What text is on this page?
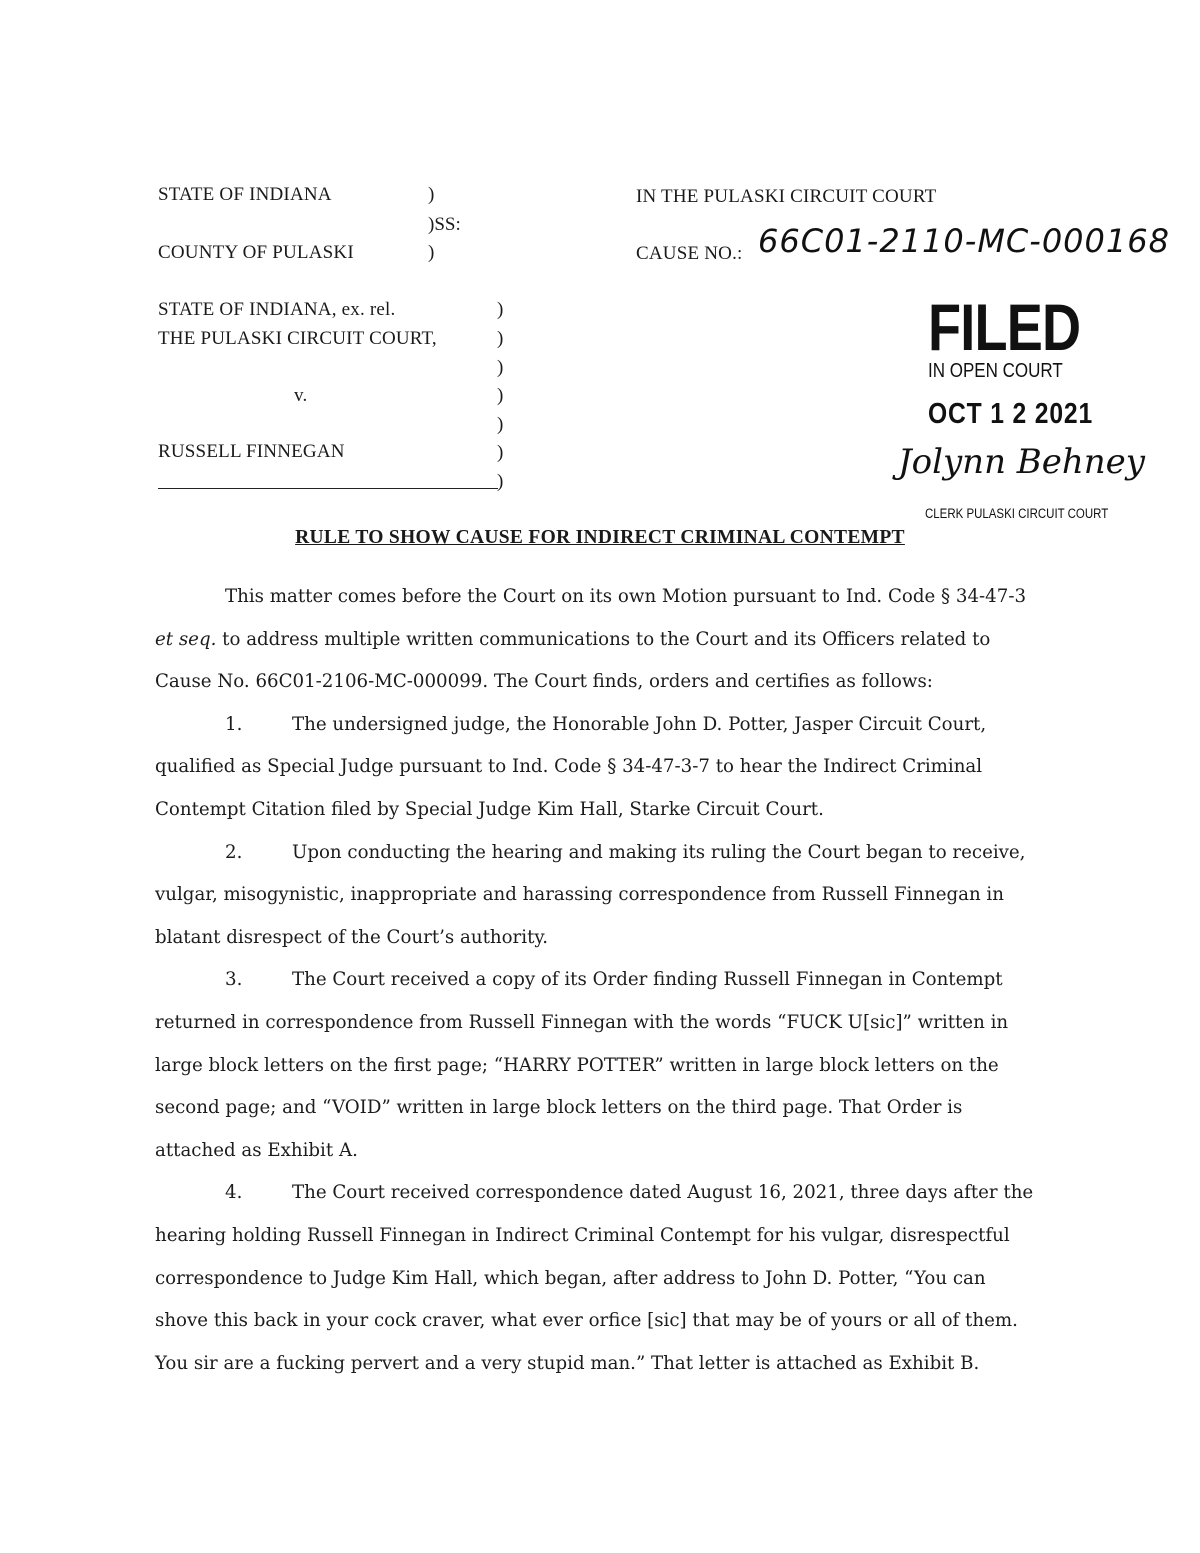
STATE OF INDIANA	)
)SS:
COUNTY OF PULASKI	)
IN THE PULASKI CIRCUIT COURT
CAUSE NO.: 66C01-2110-MC-000168
STATE OF INDIANA, ex. rel.
THE PULASKI CIRCUIT COURT,
v.
RUSSELL FINNEGAN
)
)
)
)
)
)
)
FILED
IN OPEN COURT
OCT 1 2 2021
Jolynn Behney
CLERK PULASKI CIRCUIT COURT
RULE TO SHOW CAUSE FOR INDIRECT CRIMINAL CONTEMPT

This matter comes before the Court on its own Motion pursuant to Ind. Code § 34-47-3 et seq. to address multiple written communications to the Court and its Officers related to Cause No. 66C01-2106-MC-000099. The Court finds, orders and certifies as follows:

1.	The undersigned judge, the Honorable John D. Potter, Jasper Circuit Court, qualified as Special Judge pursuant to Ind. Code § 34-47-3-7 to hear the Indirect Criminal Contempt Citation filed by Special Judge Kim Hall, Starke Circuit Court.

2.	Upon conducting the hearing and making its ruling the Court began to receive, vulgar, misogynistic, inappropriate and harassing correspondence from Russell Finnegan in blatant disrespect of the Court’s authority.

3.	The Court received a copy of its Order finding Russell Finnegan in Contempt returned in correspondence from Russell Finnegan with the words “FUCK U[sic]” written in large block letters on the first page; “HARRY POTTER” written in large block letters on the second page; and “VOID” written in large block letters on the third page. That Order is attached as Exhibit A.

4.	The Court received correspondence dated August 16, 2021, three days after the hearing holding Russell Finnegan in Indirect Criminal Contempt for his vulgar, disrespectful correspondence to Judge Kim Hall, which began, after address to John D. Potter, “You can shove this back in your cock craver, what ever orfice [sic] that may be of yours or all of them. You sir are a fucking pervert and a very stupid man.” That letter is attached as Exhibit B.
